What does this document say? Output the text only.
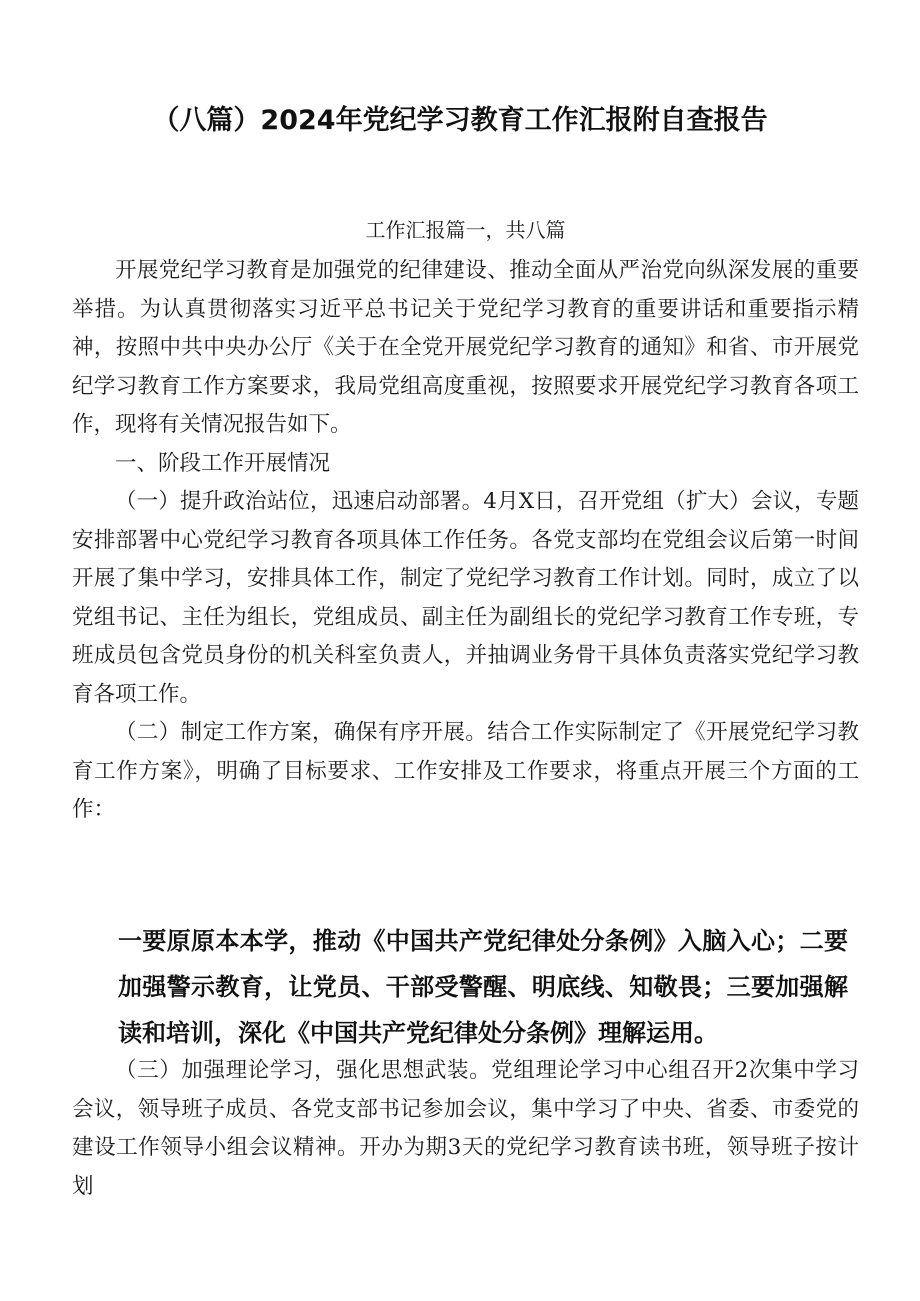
（八篇）2024年党纪学习教育工作汇报附自查报告
工作汇报篇一，共八篇

开展党纪学习教育是加强党的纪律建设、推动全面从严治党向纵深发展的重要举措。为认真贯彻落实习近平总书记关于党纪学习教育的重要讲话和重要指示精神，按照中共中央办公厅《关于在全党开展党纪学习教育的通知》和省、市开展党纪学习教育工作方案要求，我局党组高度重视，按照要求开展党纪学习教育各项工作，现将有关情况报告如下。

一、阶段工作开展情况

（一）提升政治站位，迅速启动部署。4月X日，召开党组（扩大）会议，专题安排部署中心党纪学习教育各项具体工作任务。各党支部均在党组会议后第一时间开展了集中学习，安排具体工作，制定了党纪学习教育工作计划。同时，成立了以党组书记、主任为组长，党组成员、副主任为副组长的党纪学习教育工作专班，专班成员包含党员身份的机关科室负责人，并抽调业务骨干具体负责落实党纪学习教育各项工作。

（二）制定工作方案，确保有序开展。结合工作实际制定了《开展党纪学习教育工作方案》，明确了目标要求、工作安排及工作要求，将重点开展三个方面的工作：

一要原原本本学，推动《中国共产党纪律处分条例》入脑入心；二要加强警示教育，让党员、干部受警醒、明底线、知敬畏；三要加强解读和培训，深化《中国共产党纪律处分条例》理解运用。

（三）加强理论学习，强化思想武装。党组理论学习中心组召开2次集中学习会议，领导班子成员、各党支部书记参加会议，集中学习了中央、省委、市委党的建设工作领导小组会议精神。开办为期3天的党纪学习教育读书班，领导班子按计划
